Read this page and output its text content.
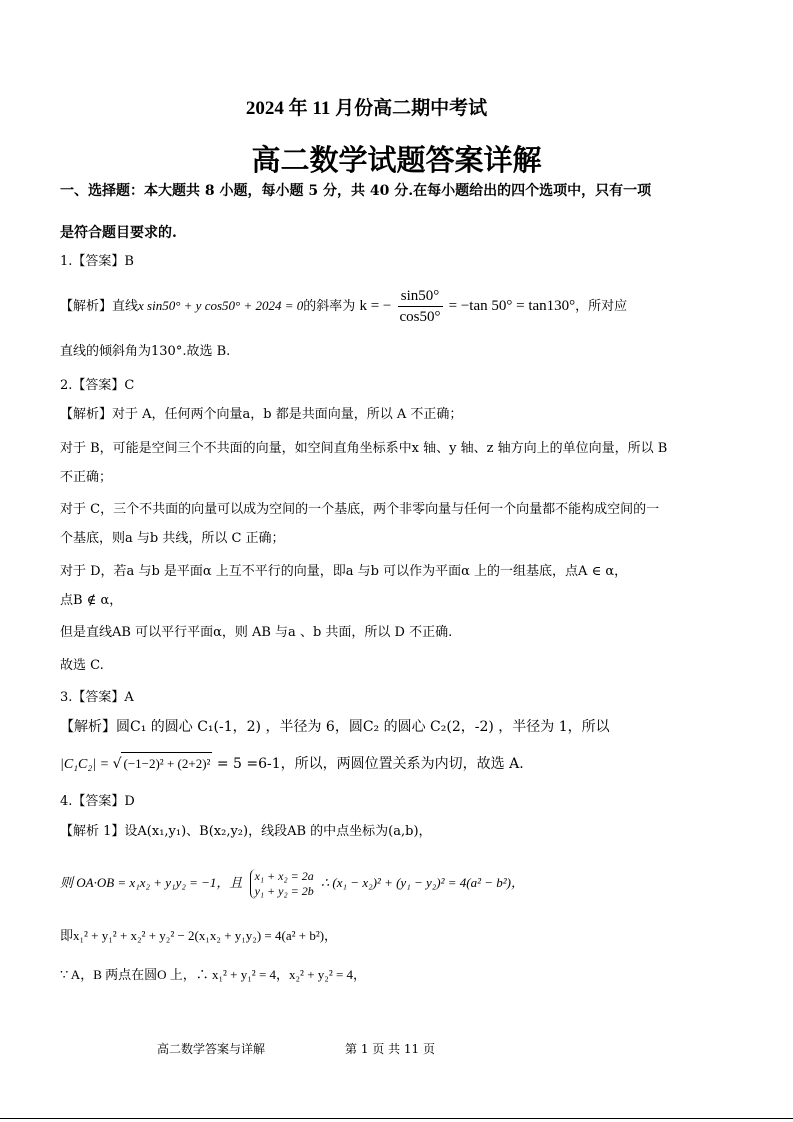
2024 年 11 月份高二期中考试
高二数学试题答案详解
一、选择题：本大题共 8 小题，每小题 5 分，共 40 分.在每小题给出的四个选项中，只有一项
是符合题目要求的.
1.【答案】B
【解析】直线x sin50° + y cos50° + 2024 = 0的斜率为 k = − $\frac{\sin 50^\circ}{\cos 50^\circ} = -\tan$ 50° = tan130°，所对应
直线的倾斜角为130°.故选 B.
2.【答案】C
【解析】对于 A，任何两个向量a，b 都是共面向量，所以 A 不正确；
对于 B，可能是空间三个不共面的向量，如空间直角坐标系中x 轴、y 轴、z 轴方向上的单位向量，所以 B
不正确；
对于 C，三个不共面的向量可以成为空间的一个基底，两个非零向量与任何一个向量都不能构成空间的一
个基底，则a 与b 共线，所以 C 正确；
对于 D，若a 与b 是平面α 上互不平行的向量，即a 与b 可以作为平面α 上的一组基底，点A ∈ α，
点B ∉ α，
但是直线AB 可以平行平面α，则 AB 与a 、b 共面，所以 D 不正确.
故选 C.
3.【答案】A
【解析】圆C₁ 的圆心 C₁(-1，2) ，半径为 6，圆C₂ 的圆心 C₂(2，-2) ，半径为 1，所以
|C₁C₂| = √ (−1−2)² + (2+2)² = 5 =6-1，所以，两圆位置关系为内切，故选 A.
4.【答案】D
【解析 1】设A(x₁,y₁)、B(x₂,y₂)，线段AB 的中点坐标为(a,b)，
则 OA·OB = x₁x₂ + y₁y₂ = −1，且 x₁ + x₂ = 2a
y₁ + y₂ = 2b
∴ (x₁ − x₂)² + (y₁ − y₂)² = 4(a² − b²)，
即x₁² + y₁² + x₂² + y₂² − 2(x₁x₂ + y₁y₂) = 4(a² + b²)，
∵ A，B 两点在圆O 上，∴ x₁² + y₁² = 4，x₂² + y₂² = 4，
高二数学答案与详解	第 1 页 共 11 页
